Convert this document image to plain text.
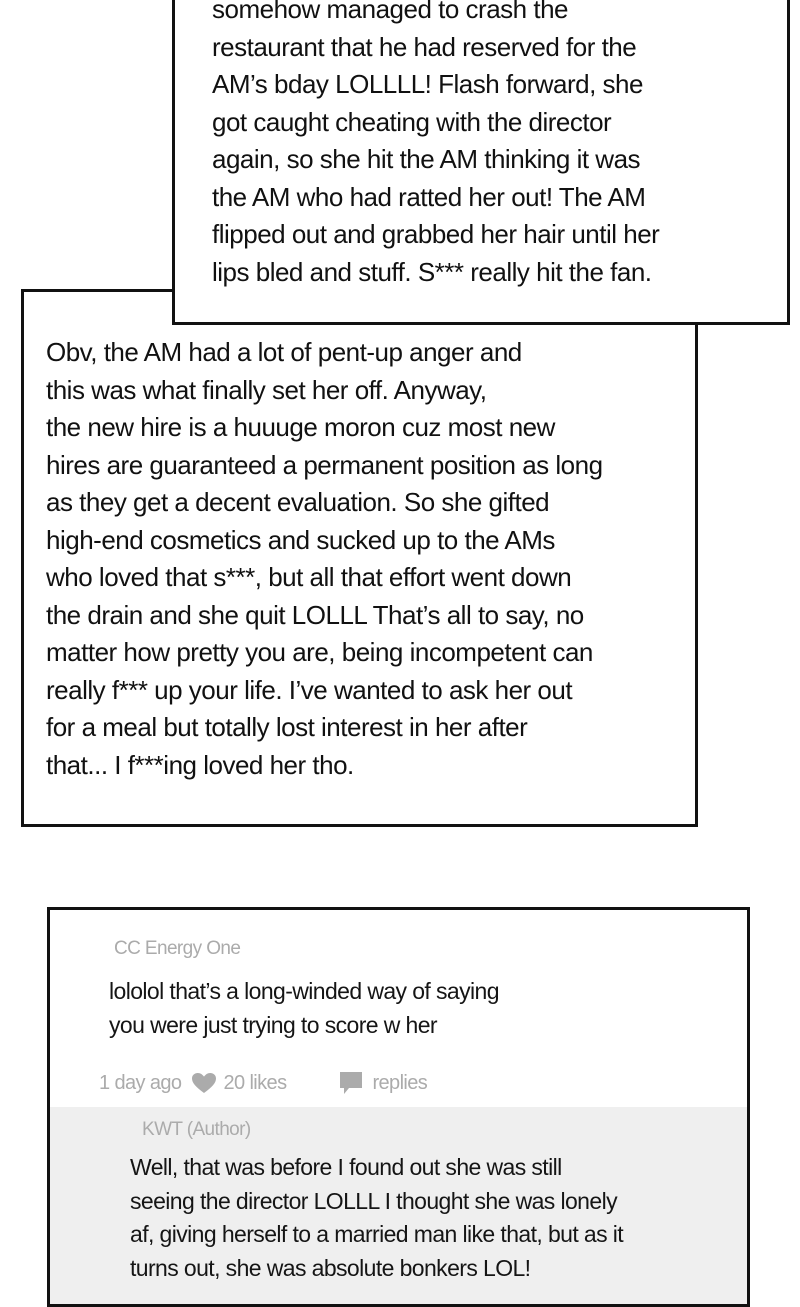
somehow managed to crash the
restaurant that he had reserved for the
AM’s bday LOLLLL! Flash forward, she
got caught cheating with the director
again, so she hit the AM thinking it was
the AM who had ratted her out! The AM
flipped out and grabbed her hair until her
lips bled and stuff. S*** really hit the fan.
Obv, the AM had a lot of pent-up anger and
this was what finally set her off. Anyway,
the new hire is a huuuge moron cuz most new
hires are guaranteed a permanent position as long
as they get a decent evaluation. So she gifted
high-end cosmetics and sucked up to the AMs
who loved that s***, but all that effort went down
the drain and she quit LOLLL That’s all to say, no
matter how pretty you are, being incompetent can
really f*** up your life. I’ve wanted to ask her out
for a meal but totally lost interest in her after
that... I f***ing loved her tho.
CC Energy One
lololol that’s a long-winded way of saying
you were just trying to score w her
1 day ago 20 likes	replies
KWT (Author)
Well, that was before I found out she was still
seeing the director LOLLL I thought she was lonely
af, giving herself to a married man like that, but as it
turns out, she was absolute bonkers LOL!
